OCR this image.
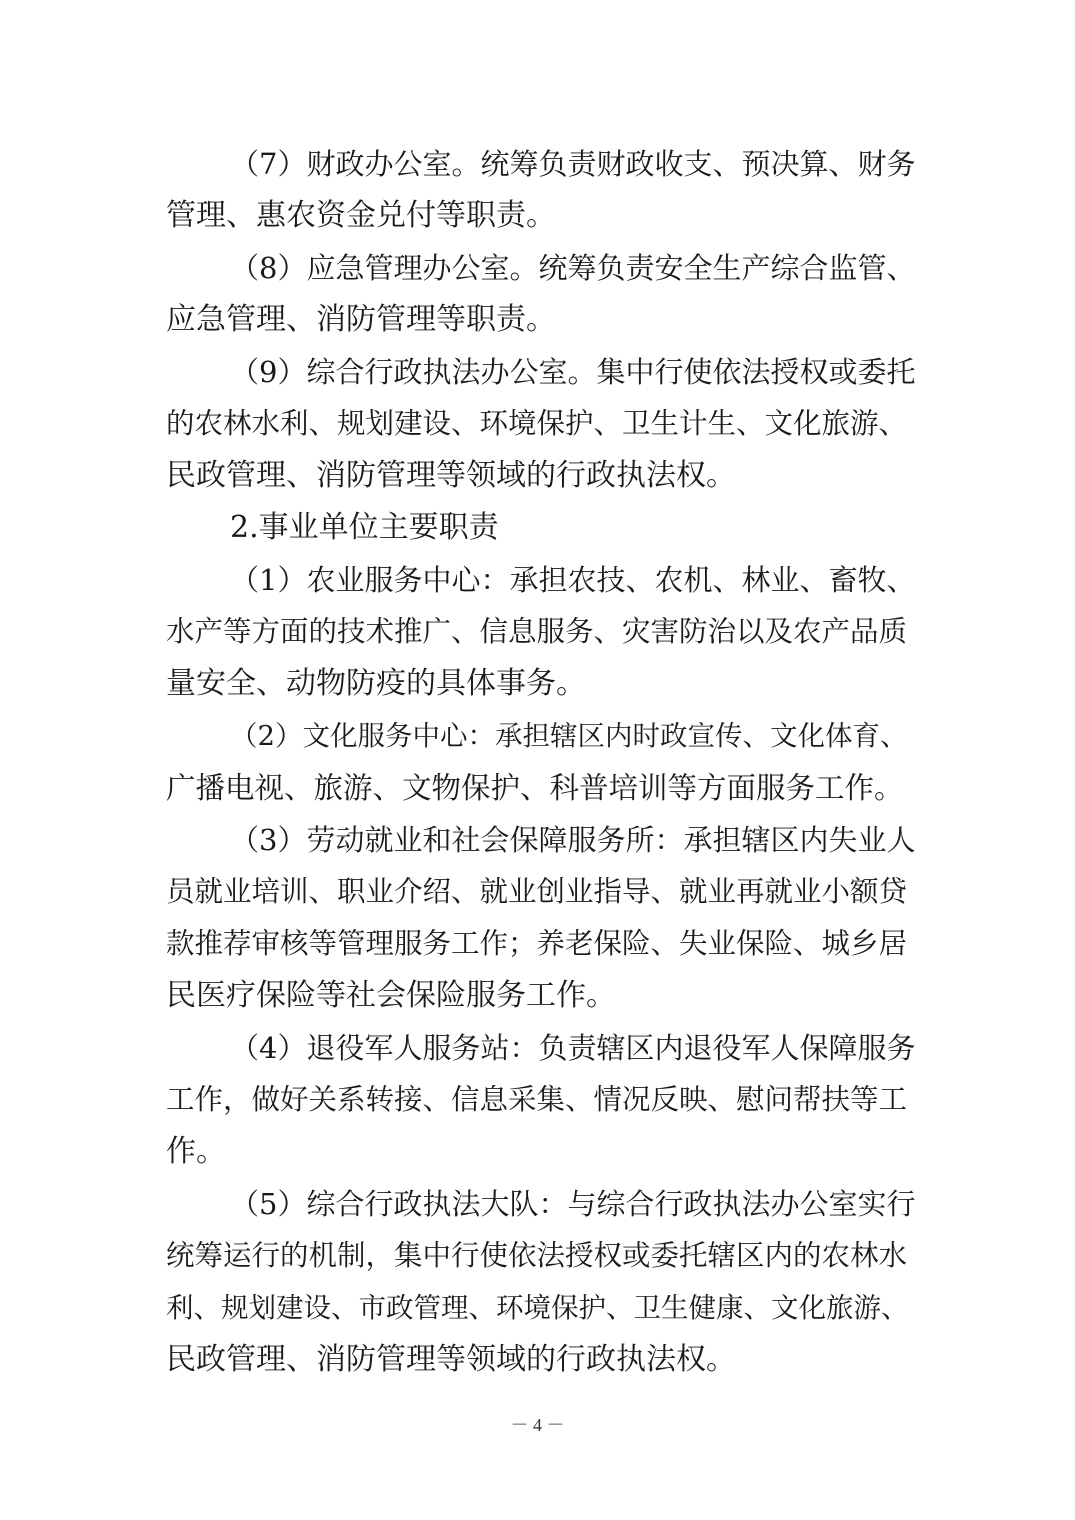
（7）财政办公室。统筹负责财政收支、预决算、财务
管理、惠农资金兑付等职责。
（8）应急管理办公室。统筹负责安全生产综合监管、
应急管理、消防管理等职责。
（9）综合行政执法办公室。集中行使依法授权或委托
的农林水利、规划建设、环境保护、卫生计生、文化旅游、
民政管理、消防管理等领域的行政执法权。
2.事业单位主要职责
（1）农业服务中心：承担农技、农机、林业、畜牧、
水产等方面的技术推广、信息服务、灾害防治以及农产品质
量安全、动物防疫的具体事务。
（2）文化服务中心：承担辖区内时政宣传、文化体育、
广播电视、旅游、文物保护、科普培训等方面服务工作。
（3）劳动就业和社会保障服务所：承担辖区内失业人
员就业培训、职业介绍、就业创业指导、就业再就业小额贷
款推荐审核等管理服务工作；养老保险、失业保险、城乡居
民医疗保险等社会保险服务工作。
（4）退役军人服务站：负责辖区内退役军人保障服务
工作，做好关系转接、信息采集、情况反映、慰问帮扶等工
作。
（5）综合行政执法大队：与综合行政执法办公室实行
统筹运行的机制，集中行使依法授权或委托辖区内的农林水
利、规划建设、市政管理、环境保护、卫生健康、文化旅游、
民政管理、消防管理等领域的行政执法权。
－ 4 －
